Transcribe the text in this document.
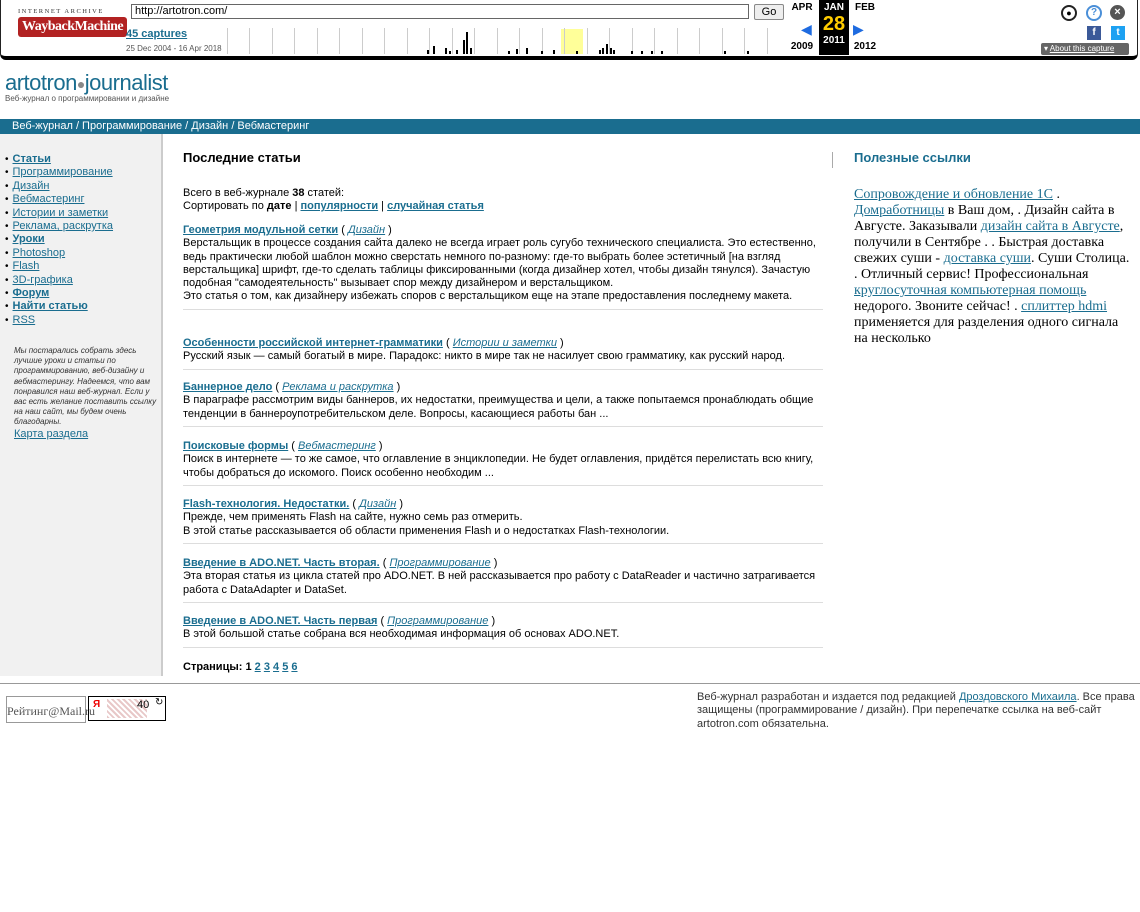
INTERNET ARCHIVE
WaybackMachine
http://artotron.com/	Go
45 captures
25 Dec 2004 - 16 Apr 2018
APR
◀
2009
JAN
28
2011
FEB
▶
2012
●	?	×
f	t
▾ About this capture
artotron●journalist
Веб-журнал о программировании и дизайне
Веб-журнал / Программирование / Дизайн / Вебмастеринг
• Статьи
• Программирование
• Дизайн
• Вебмастеринг
• Истории и заметки
• Реклама, раскрутка
• Уроки
• Photoshop
• Flash
• 3D-графика
• Форум
• Найти статью
• RSS
Мы постарались собрать здесь лучшие уроки и статьи по программированию, веб-дизайну и вебмастерингу. Надеемся, что вам понравился наш веб-журнал. Если у вас есть желание поставить ссылку на наш сайт, мы будем очень благодарны.
Карта раздела
Последние статьи
Всего в веб-журнале 38 статей:
Сортировать по дате | популярности | случайная статья
Геометрия модульной сетки ( Дизайн )
Верстальщик в процессе создания сайта далеко не всегда играет роль сугубо технического специалиста. Это естественно, ведь практически любой шаблон можно сверстать немного по-разному: где-то выбрать более эстетичный [на взгляд верстальщика] шрифт, где-то сделать таблицы фиксированными (когда дизайнер хотел, чтобы дизайн тянулся). Зачастую подобная "самодеятельность" вызывает спор между дизайнером и верстальщиком.
Это статья о том, как дизайнеру избежать споров с верстальщиком еще на этапе предоставления последнему макета.
Особенности российской интернет-грамматики ( Истории и заметки )
Русский язык — самый богатый в мире. Парадокс: никто в мире так не насилует свою грамматику, как русский народ.
Баннерное дело ( Реклама и раскрутка )
В параграфе рассмотрим виды баннеров, их недостатки, преимущества и цели, а также попытаемся пронаблюдать общие тенденции в баннероупотребительском деле. Вопросы, касающиеся работы бан ...
Поисковые формы ( Вебмастеринг )
Поиск в интернете — то же самое, что оглавление в энциклопедии. Не будет оглавления, придётся перелистать всю книгу, чтобы добраться до искомого. Поиск особенно необходим ...
Flash-технология. Недостатки. ( Дизайн )
Прежде, чем применять Flash на сайте, нужно семь раз отмерить.
В этой статье рассказывается об области применения Flash и о недостатках Flash-технологии.
Введение в ADO.NET. Часть вторая. ( Программирование )
Эта вторая статья из цикла статей про ADO.NET. В ней рассказывается про работу с DataReader и частично затрагивается работа с DataAdapter и DataSet.
Введение в ADO.NET. Часть первая ( Программирование )
В этой большой статье собрана вся необходимая информация об основах ADO.NET.
Страницы: 1 2 3 4 5 6
Полезные ссылки
Сопровождение и обновление 1С . Домработницы в Ваш дом, . Дизайн сайта в Августе. Заказывали дизайн сайта в Августе, получили в Сентябре . . Быстрая доставка свежих суши - доставка суши. Суши Столица. . Отличный сервис! Профессиональная круглосуточная компьютерная помощь недорого. Звоните сейчас! . сплиттер hdmi применяется для разделения одного сигнала на несколько
Рейтинг@Mail.ru
Я	40 ↻	Веб-журнал разработан и издается под редакцией Дроздовского Михаила. Все права защищены (программирование / дизайн). При перепечатке ссылка на веб-сайт artotron.com обязательна.
